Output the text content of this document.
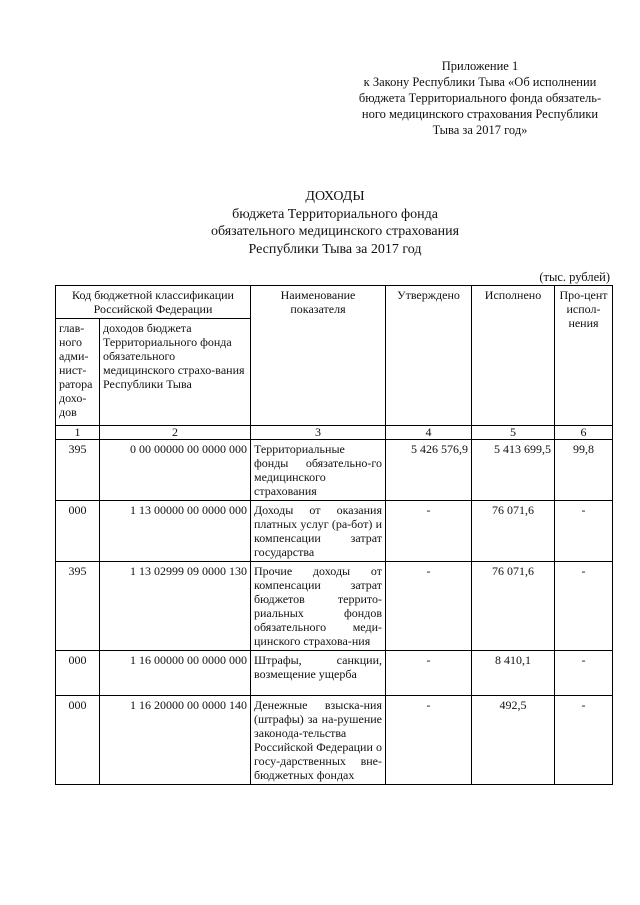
Приложение 1
к Закону Республики Тыва «Об исполнении
бюджета Территориального фонда обязатель-
ного медицинского страхования Республики
Тыва за 2017 год»
ДОХОДЫ
бюджета Территориального фонда
обязательного медицинского страхования
Республики Тыва за 2017 год
(тыс. рублей)
Код бюджетной классификации Российской Федерации		Наименование показателя	Утверждено	Исполнено	Про-цент испол-нения
глав-ного адми-нист-ратора дохо-дов	доходов бюджета Территориального фонда обязательного медицинского страхо-вания Республики Тыва				
1	2	3	4	5	6
395	0 00 00000 00 0000 000	Территориальные фонды обязательно-го медицинского страхования	5 426 576,9	5 413 699,5	99,8
000	1 13 00000 00 0000 000	Доходы от оказания платных услуг (ра-бот) и компенсации затрат государства	-	76 071,6	-
395	1 13 02999 09 0000 130	Прочие доходы от компенсации затрат бюджетов террито-риальных фондов обязательного меди-цинского страхова-ния	-	76 071,6	-
000	1 16 00000 00 0000 000	Штрафы, санкции, возмещение ущерба	-	8 410,1	-
000	1 16 20000 00 0000 140	Денежные взыска-ния (штрафы) за на-рушение законода-тельства Российской Федерации о госу-дарственных вне-бюджетных фондах	-	492,5	-
